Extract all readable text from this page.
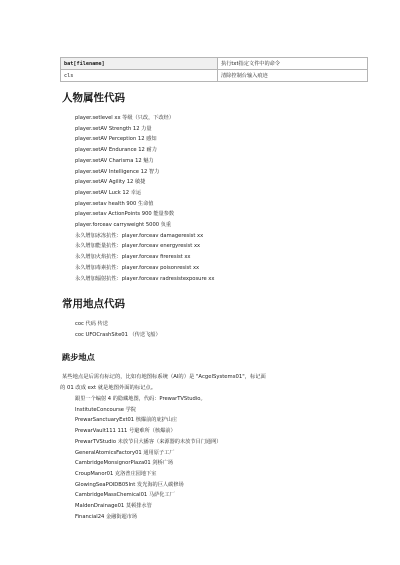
bat[filename]	执行txt指定文件中的命令
cls	清除控制台输入痕迹
人物属性代码
player.setlevel xx 等级（只改，下改经）
player.setAV Strength 12 力量
player.setAV Perception 12 感知
player.setAV Endurance 12 耐力
player.setAV Charisma 12 魅力
player.setAV Intelligence 12 智力
player.setAV Agility 12 敏捷
player.setAV Luck 12 幸运
player.setav health 900 生命值
player.setav ActionPoints 900 能量参数
player.forceav carryweight 5000 负重
永久增加冰冻抗性：player.forceav damageresist xx
永久增加能量抗性：player.forceav energyresist xx
永久增加火焰抗性：player.forceav fireresist xx
永久增加毒素抗性：player.forceav poisonresist xx
永久增加辐射抗性：player.forceav radresistexposure xx
常用地点代码
coc 代码 传送
coc UFOCrashSite01 （传送飞船）
跳步地点

某些地点是后需有标记的，比如有地图标系统（AI的）是 "AcgelSystems01"，标记面
的 01 改成 ext 就是地图外面的标记点。

跟里一个编射 4 的隐藏地图，代码：PrewarTVStudio。
InstituteConcourse 学院
PrewarSanctuaryExt01 核爆前的庇护山庄
PrewarVault111 111 号避难所（核爆前）
PrewarTVStudio 未放节目大播客（来源器的未放节目门通网）
GeneralAtomicsFactory01 通用原子工厂
CambridgeMonsignorPlaza01 剑桥广场
CroupManor01 克洛普庄园地下室
GlowingSeaPOIDB05Int 发光海的巨人碳修场
CambridgeMassChemical01 马萨化工厂
MaldenDrainage01 莫顿排水管
Financial24 金融街超市场
